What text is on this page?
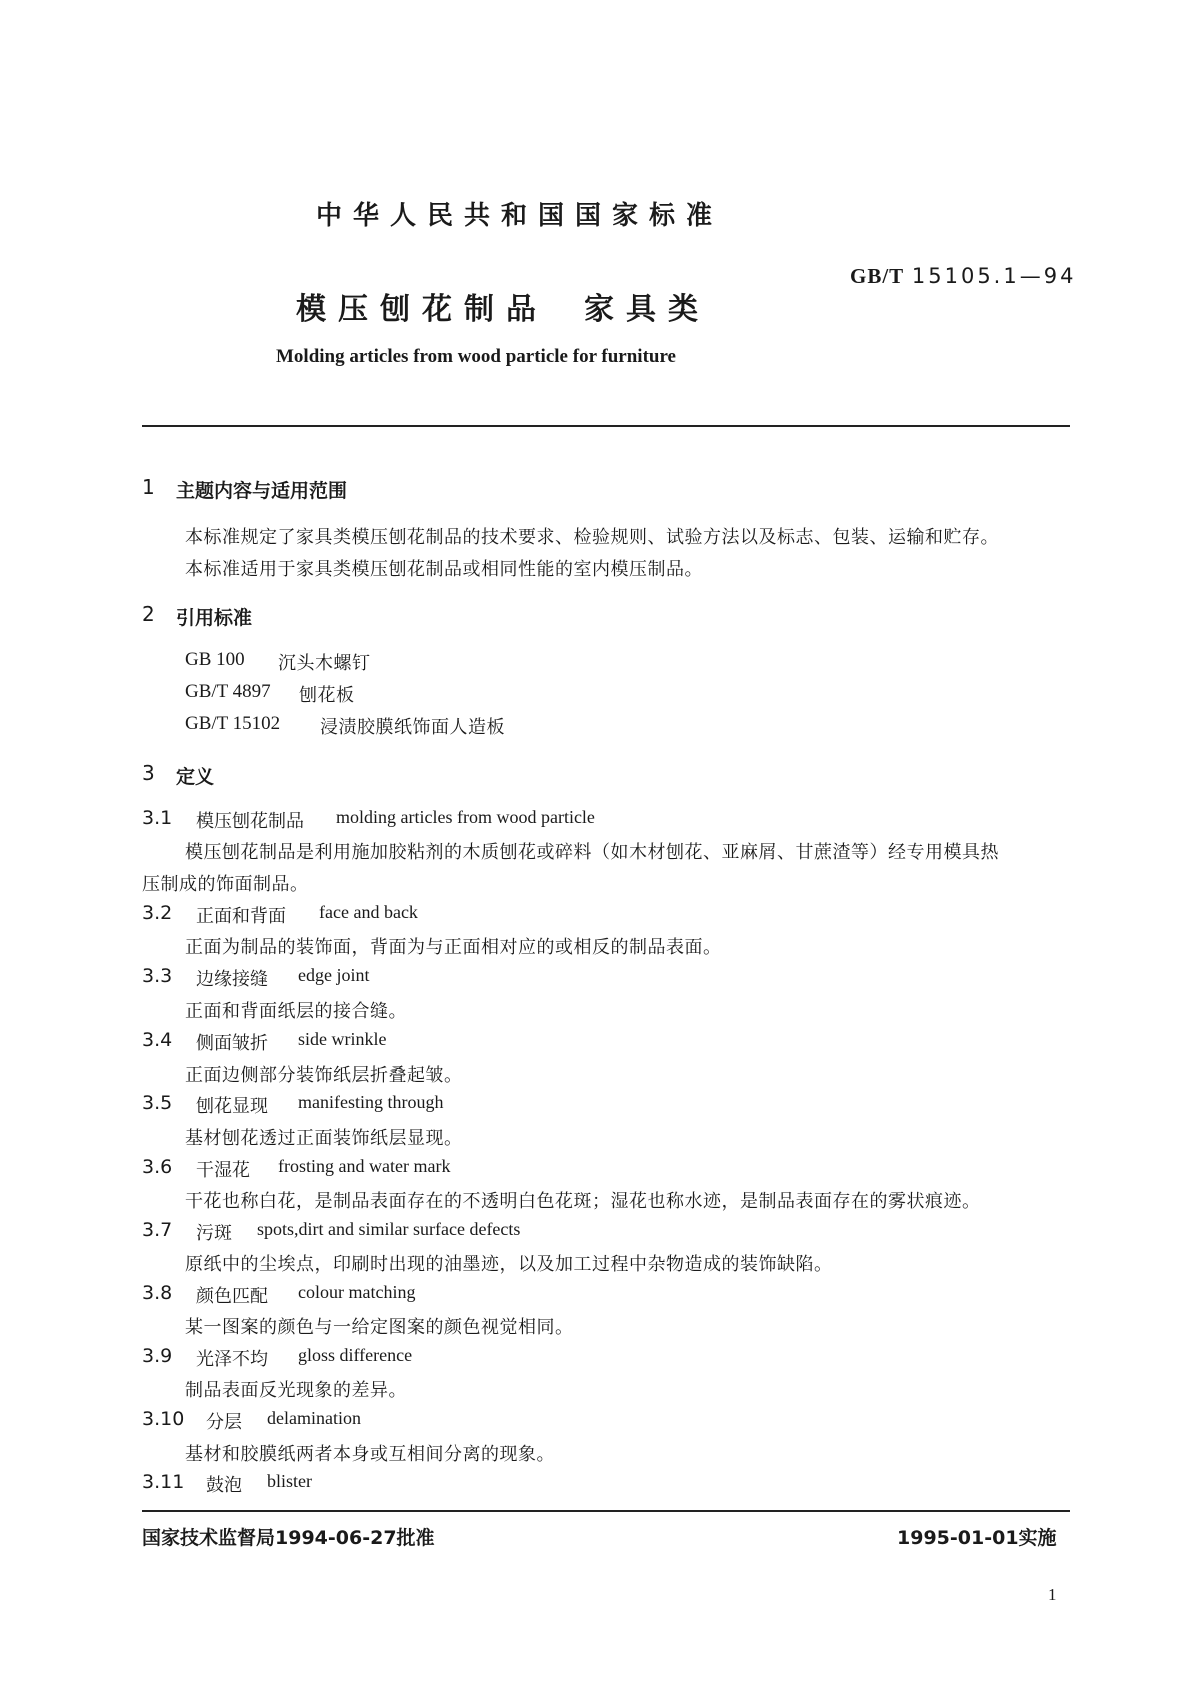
中华人民共和国国家标准
GB/T 15105.1—94
模压刨花制品 家具类
Molding articles from wood particle for furniture
1 主题内容与适用范围
本标准规定了家具类模压刨花制品的技术要求、检验规则、试验方法以及标志、包装、运输和贮存。
本标准适用于家具类模压刨花制品或相同性能的室内模压制品。
2 引用标准
GB 100 沉头木螺钉
GB/T 4897 刨花板
GB/T 15102 浸渍胶膜纸饰面人造板
3 定义
3.1 模压刨花制品 molding articles from wood particle
模压刨花制品是利用施加胶粘剂的木质刨花或碎料（如木材刨花、亚麻屑、甘蔗渣等）经专用模具热
压制成的饰面制品。
3.2 正面和背面 face and back
正面为制品的装饰面，背面为与正面相对应的或相反的制品表面。
3.3 边缘接缝 edge joint
正面和背面纸层的接合缝。
3.4 侧面皱折 side wrinkle
正面边侧部分装饰纸层折叠起皱。
3.5 刨花显现 manifesting through
基材刨花透过正面装饰纸层显现。
3.6 干湿花 frosting and water mark
干花也称白花，是制品表面存在的不透明白色花斑；湿花也称水迹，是制品表面存在的雾状痕迹。
3.7 污斑 spots,dirt and similar surface defects
原纸中的尘埃点，印刷时出现的油墨迹，以及加工过程中杂物造成的装饰缺陷。
3.8 颜色匹配 colour matching
某一图案的颜色与一给定图案的颜色视觉相同。
3.9 光泽不均 gloss difference
制品表面反光现象的差异。
3.10 分层 delamination
基材和胶膜纸两者本身或互相间分离的现象。
3.11 鼓泡 blister
国家技术监督局1994-06-27批准	1995-01-01实施
1
